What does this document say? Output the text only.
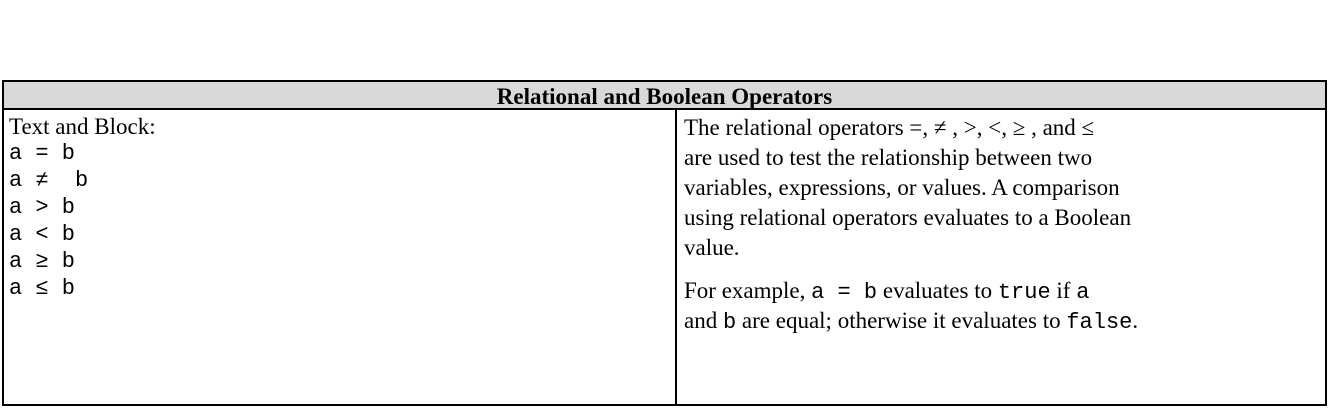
Relational and Boolean Operators
Text and Block:
a = b
a ≠  b
a > b
a < b
a ≥ b
a ≤ b
The relational operators =, ≠ , >, <, ≥ , and ≤
are used to test the relationship between two
variables, expressions, or values. A comparison
using relational operators evaluates to a Boolean
value.
For example, a = b evaluates to true if a
and b are equal; otherwise it evaluates to false.
